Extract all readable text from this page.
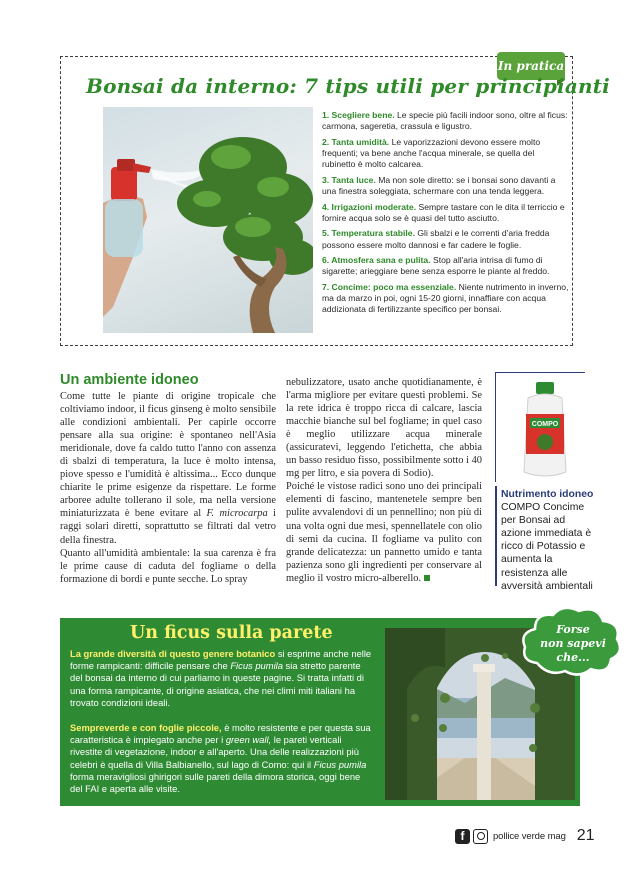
In pratica
Bonsai da interno: 7 tips utili per principianti
1. Scegliere bene. Le specie più facili indoor sono, oltre al ficus: carmona, sageretia, crassula e ligustro.
2. Tanta umidità. Le vaporizzazioni devono essere molto frequenti; va bene anche l'acqua minerale, se quella del rubinetto è molto calcarea.
3. Tanta luce. Ma non sole diretto: se i bonsai sono davanti a una finestra soleggiata, schermare con una tenda leggera.
4. Irrigazioni moderate. Sempre tastare con le dita il terriccio e fornire acqua solo se è quasi del tutto asciutto.
5. Temperatura stabile. Gli sbalzi e le correnti d'aria fredda possono essere molto dannosi e far cadere le foglie.
6. Atmosfera sana e pulita. Stop all'aria intrisa di fumo di sigarette; arieggiare bene senza esporre le piante al freddo.
7. Concime: poco ma essenziale. Niente nutrimento in inverno, ma da marzo in poi, ogni 15-20 giorni, innaffiare con acqua addizionata di fertilizzante specifico per bonsai.
Un ambiente idoneo

Come tutte le piante di origine tropicale che coltiviamo indoor, il ficus ginseng è molto sensibile alle condizioni ambientali. Per capirle occorre pensare alla sua origine: è spontaneo nell'Asia meridionale, dove fa caldo tutto l'anno con assenza di sbalzi di temperatura, la luce è molto intensa, piove spesso e l'umidità è altissima... Ecco dunque chiarite le prime esigenze da rispettare. Le forme arboree adulte tollerano il sole, ma nella versione miniaturizzata è bene evitare al F. microcarpa i raggi solari diretti, soprattutto se filtrati dal vetro della finestra.

Quanto all'umidità ambientale: la sua carenza è fra le prime cause di caduta del fogliame o della formazione di bordi e punte secche. Lo spray

nebulizzatore, usato anche quotidianamente, è l'arma migliore per evitare questi problemi. Se la rete idrica è troppo ricca di calcare, lascia macchie bianche sul bel fogliame; in quel caso è meglio utilizzare acqua minerale (assicuratevi, leggendo l'etichetta, che abbia un basso residuo fisso, possibilmente sotto i 40 mg per litro, e sia povera di Sodio).

Poiché le vistose radici sono uno dei principali elementi di fascino, mantenetele sempre ben pulite avvalendovi di un pennellino; non più di una volta ogni due mesi, spennellatele con olio di semi da cucina. Il fogliame va pulito con grande delicatezza: un pannetto umido e tanta pazienza sono gli ingredienti per conservare al meglio il vostro micro-alberello.

COMPO
Nutrimento idoneo
COMPO Concime per Bonsai ad azione immediata è ricco di Potassio e aumenta la resistenza alle avversità ambientali
Un ficus sulla parete
La grande diversità di questo genere botanico si esprime anche nelle forme rampicanti: difficile pensare che Ficus pumila sia stretto parente del bonsai da interno di cui parliamo in queste pagine. Si tratta infatti di una forma rampicante, di origine asiatica, che nei climi miti italiani ha trovato condizioni ideali.
Sempreverde e con foglie piccole, è molto resistente e per questa sua caratteristica è impiegato anche per i green wall, le pareti verticali rivestite di vegetazione, indoor e all'aperto. Una delle realizzazioni più celebri è quella di Villa Balbianello, sul lago di Como: qui il Ficus pumila forma meravigliosi ghirigori sulle pareti della dimora storica, oggi bene del FAI e aperta alle visite.
Forse
non sapevi
che...
f	pollice verde mag 21
